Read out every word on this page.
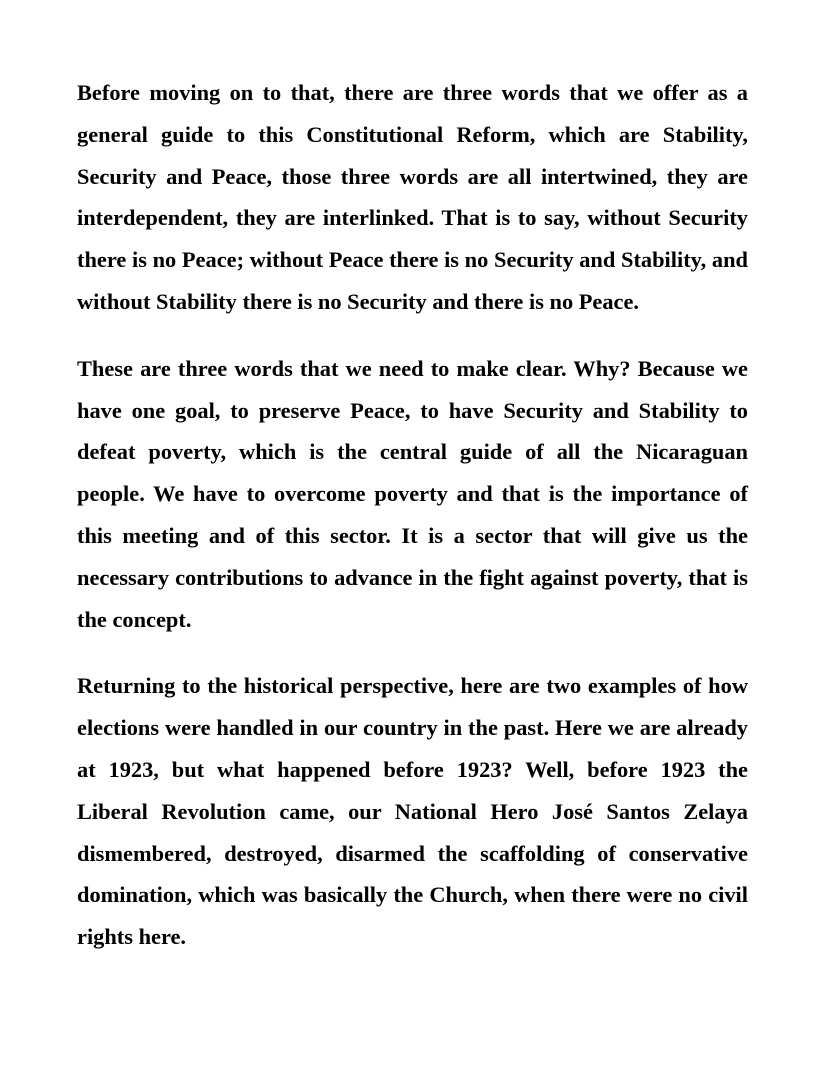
Before moving on to that, there are three words that we offer as a general guide to this Constitutional Reform, which are Stability, Security and Peace, those three words are all intertwined, they are interdependent, they are interlinked. That is to say, without Security there is no Peace; without Peace there is no Security and Stability, and without Stability there is no Security and there is no Peace.

These are three words that we need to make clear. Why? Because we have one goal, to preserve Peace, to have Security and Stability to defeat poverty, which is the central guide of all the Nicaraguan people. We have to overcome poverty and that is the importance of this meeting and of this sector. It is a sector that will give us the necessary contributions to advance in the fight against poverty, that is the concept.

Returning to the historical perspective, here are two examples of how elections were handled in our country in the past. Here we are already at 1923, but what happened before 1923? Well, before 1923 the Liberal Revolution came, our National Hero José Santos Zelaya dismembered, destroyed, disarmed the scaffolding of conservative domination, which was basically the Church, when there were no civil rights here.
